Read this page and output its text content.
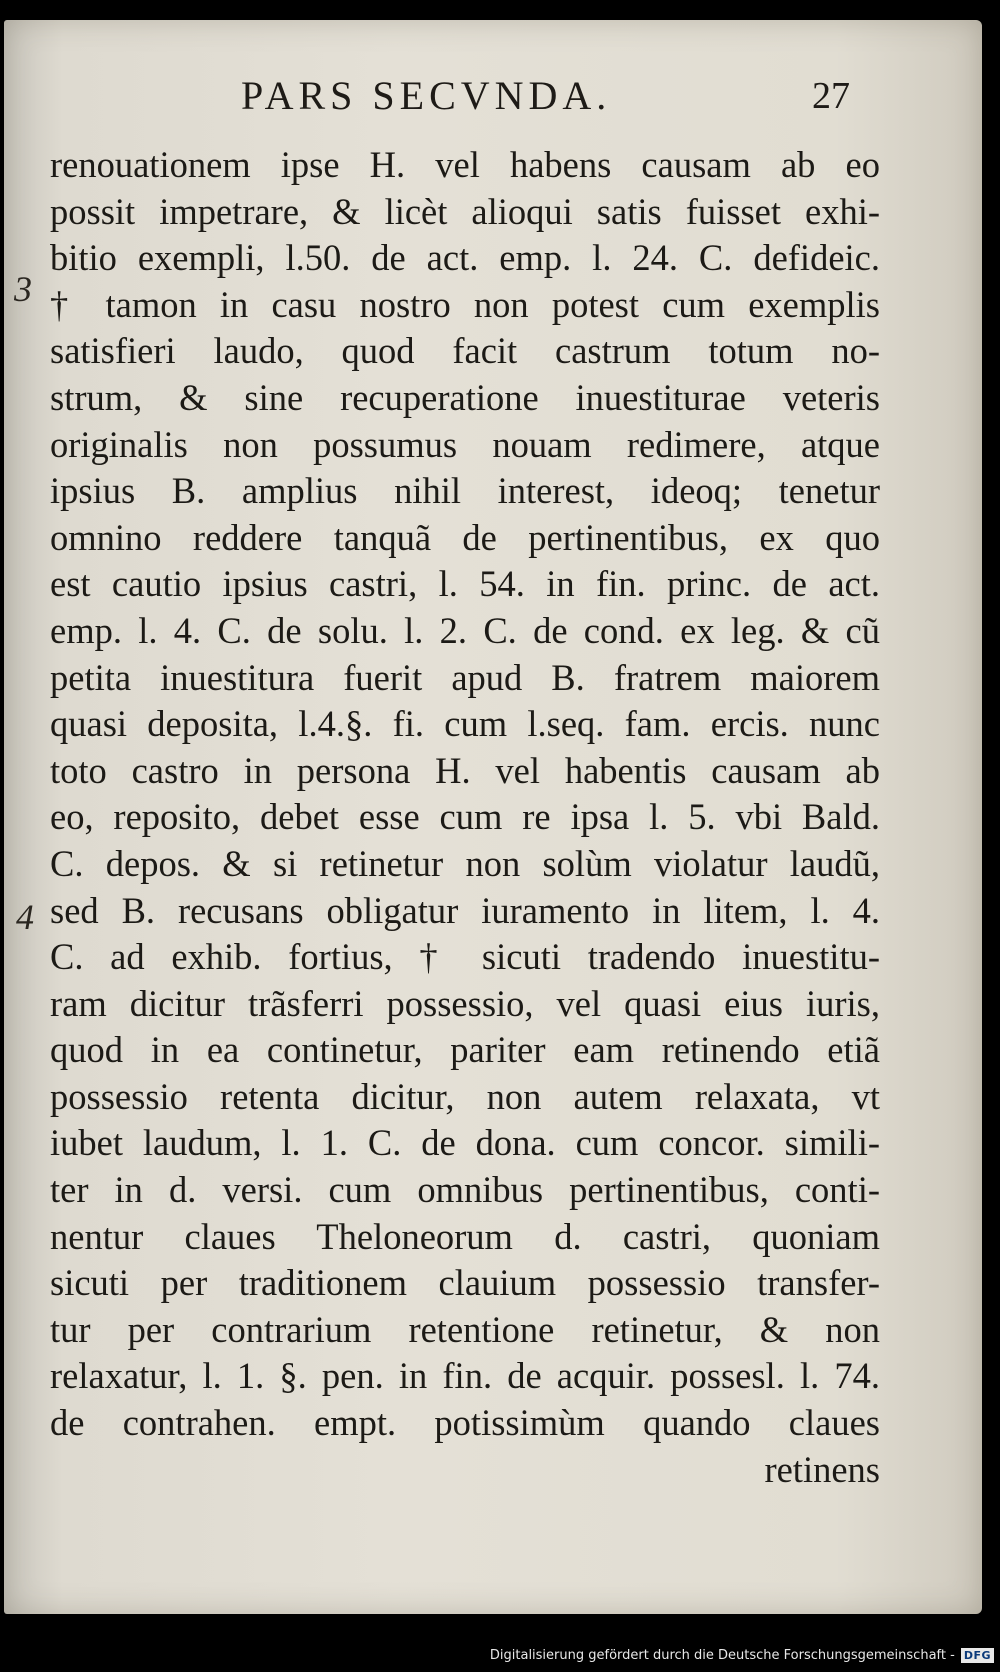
PARS SECVNDA.	27
3
4
renouationem ipse H. vel habens causam ab eo
possit impetrare, & licèt alioqui satis fuisset exhi-
bitio exempli, l.50. de act. emp. l. 24. C. defideic.
† tamon in casu nostro non potest cum exemplis
satisfieri laudo, quod facit castrum totum no-
strum, & sine recuperatione inuestiturae veteris
originalis non possumus nouam redimere, atque
ipsius B. amplius nihil interest, ideoq; tenetur
omnino reddere tanquã de pertinentibus, ex quo
est cautio ipsius castri, l. 54. in fin. princ. de act.
emp. l. 4. C. de solu. l. 2. C. de cond. ex leg. & cũ
petita inuestitura fuerit apud B. fratrem maiorem
quasi deposita, l.4.§. fi. cum l.seq. fam. ercis. nunc
toto castro in persona H. vel habentis causam ab
eo, reposito, debet esse cum re ipsa l. 5. vbi Bald.
C. depos. & si retinetur non solùm violatur laudũ,
sed B. recusans obligatur iuramento in litem, l. 4.
C. ad exhib. fortius, † sicuti tradendo inuestitu-
ram dicitur trãsferri possessio, vel quasi eius iuris,
quod in ea continetur, pariter eam retinendo etiã
possessio retenta dicitur, non autem relaxata, vt
iubet laudum, l. 1. C. de dona. cum concor. simili-
ter in d. versi. cum omnibus pertinentibus, conti-
nentur claues Theloneorum d. castri, quoniam
sicuti per traditionem clauium possessio transfer-
tur per contrarium retentione retinetur, & non
relaxatur, l. 1. §. pen. in fin. de acquir. possesl. l. 74.
de contrahen. empt. potissimùm quando claues
retinens
Digitalisierung gefördert durch die Deutsche Forschungsgemeinschaft - DFG
